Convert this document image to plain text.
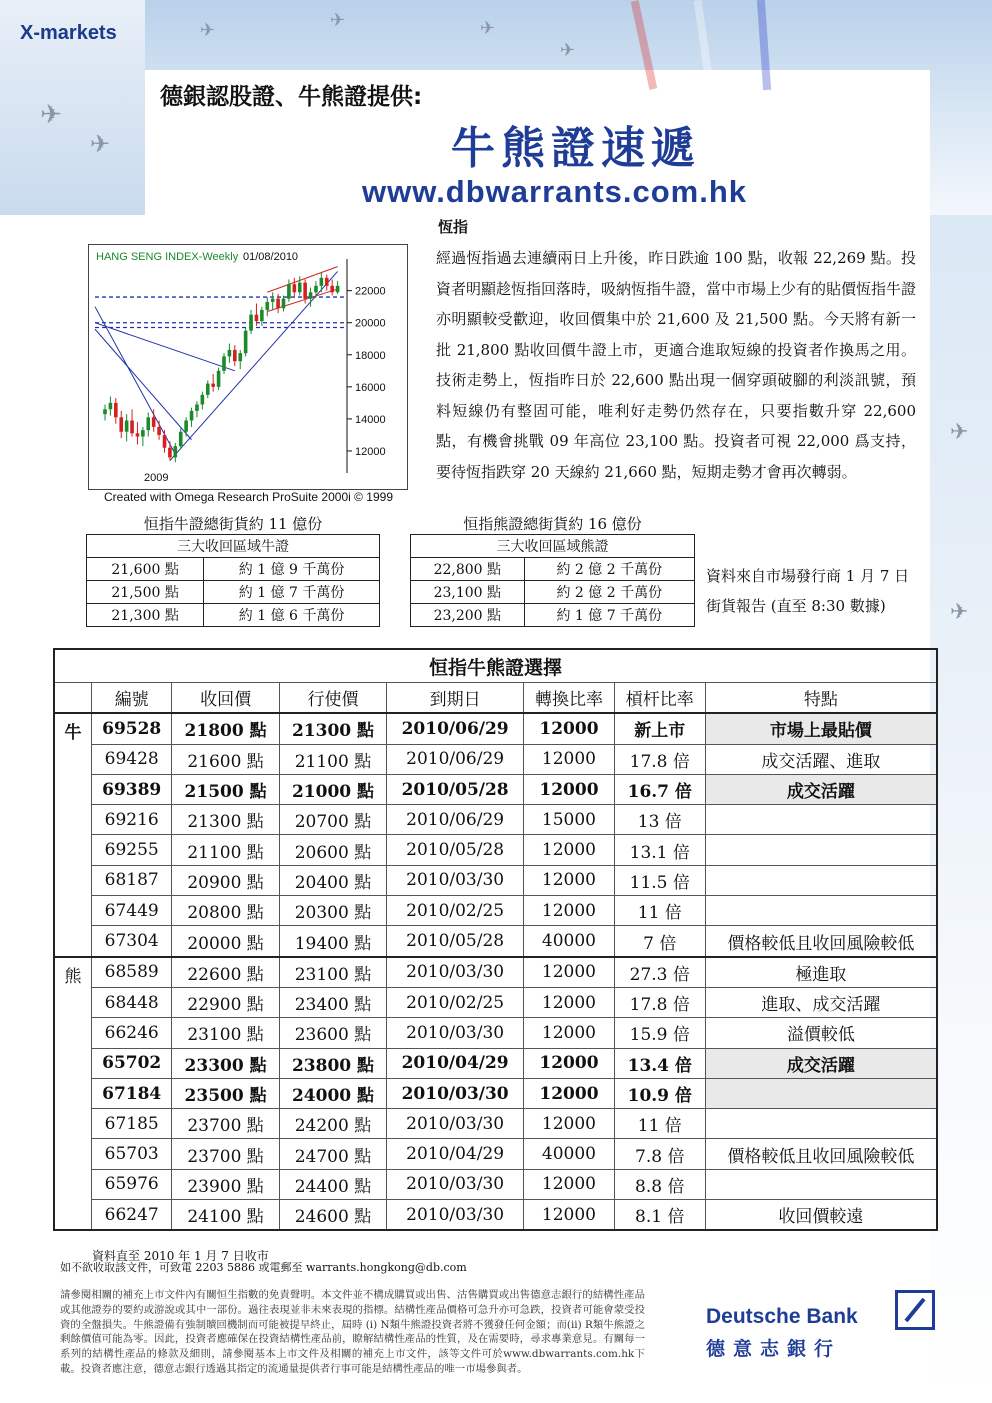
✈	✈	✈
✈
✈
✈
✈
✈
X-markets
德銀認股證、牛熊證提供:
牛熊證速遞
www.dbwarrants.com.hk
22000
20000
18000
16000
14000
12000
HANG SENG INDEX-Weekly 01/08/2010
2009
Created with Omega Research ProSuite 2000i © 1999
恆指
經過恆指過去連續兩日上升後，昨日跌逾 100 點，收報 22,269 點。投資者明顯趁恆指回落時，吸納恆指牛證，當中市場上少有的貼價恆指牛證亦明顯較受歡迎，收回價集中於 21,600 及 21,500 點。今天將有新一批 21,800 點收回價牛證上市，更適合進取短線的投資者作換馬之用。技術走勢上，恆指昨日於 22,600 點出現一個穿頭破腳的利淡訊號，預料短線仍有整固可能，唯利好走勢仍然存在，只要指數升穿 22,600 點，有機會挑戰 09 年高位 23,100 點。投資者可視 22,000 爲支持，要待恆指跌穿 20 天線約 21,660 點，短期走勢才會再次轉弱。
恒指牛證總街貨約 11 億份
三大收回區域牛證	
21,600 點	約 1 億 9 千萬份
21,500 點	約 1 億 7 千萬份
21,300 點	約 1 億 6 千萬份
恒指熊證總街貨約 16 億份
三大收回區域熊證	
22,800 點	約 2 億 2 千萬份
23,100 點	約 2 億 2 千萬份
23,200 點	約 1 億 7 千萬份
資料來自市場發行商 1 月 7 日
街貨報告 (直至 8:30 數據)
恒指牛熊證選擇							
	編號	收回價	行使價	到期日	轉換比率	槓杆比率	特點
牛	69528	21800 點	21300 點	2010/06/29	12000	新上市	市場上最貼價
	69428	21600 點	21100 點	2010/06/29	12000	17.8 倍	成交活躍、進取
	69389	21500 點	21000 點	2010/05/28	12000	16.7 倍	成交活躍
	69216	21300 點	20700 點	2010/06/29	15000	13 倍	
	69255	21100 點	20600 點	2010/05/28	12000	13.1 倍	
	68187	20900 點	20400 點	2010/03/30	12000	11.5 倍	
	67449	20800 點	20300 點	2010/02/25	12000	11 倍	
	67304	20000 點	19400 點	2010/05/28	40000	7 倍	價格較低且收回風險較低
熊	68589	22600 點	23100 點	2010/03/30	12000	27.3 倍	極進取
	68448	22900 點	23400 點	2010/02/25	12000	17.8 倍	進取、成交活躍
	66246	23100 點	23600 點	2010/03/30	12000	15.9 倍	溢價較低
	65702	23300 點	23800 點	2010/04/29	12000	13.4 倍	成交活躍
	67184	23500 點	24000 點	2010/03/30	12000	10.9 倍	
	67185	23700 點	24200 點	2010/03/30	12000	11 倍	
	65703	23700 點	24700 點	2010/04/29	40000	7.8 倍	價格較低且收回風險較低
	65976	23900 點	24400 點	2010/03/30	12000	8.8 倍	
	66247	24100 點	24600 點	2010/03/30	12000	8.1 倍	收回價較遠
資料直至 2010 年 1 月 7 日收市
如不欲收取該文件，可致電 2203 5886 或電郵至 warrants.hongkong@db.com
請參閱相關的補充上市文件內有關恒生指數的免責聲明。本文件並不構成購買或出售、沽售購買或出售德意志銀行的結構性產品或其他證券的要約或游說或其中一部份。過往表現並非未來表現的指標。結構性產品價格可急升亦可急跌，投資者可能會蒙受投資的全盤損失。牛熊證備有強制贖回機制而可能被提早終止，屆時 (i) N類牛熊證投資者將不獲發任何金額；而(ii) R類牛熊證之剩餘價值可能為零。因此，投資者應確保在投資結構性產品前，瞭解結構性產品的性質，及在需要時，尋求專業意見。有關每一系列的結構性產品的條款及細則，請參閱基本上市文件及相關的補充上市文件，該等文件可於www.dbwarrants.com.hk下載。投資者應注意，德意志銀行透過其指定的流通量提供者行事可能是結構性產品的唯一市場參與者。
Deutsche Bank
德意志銀行
